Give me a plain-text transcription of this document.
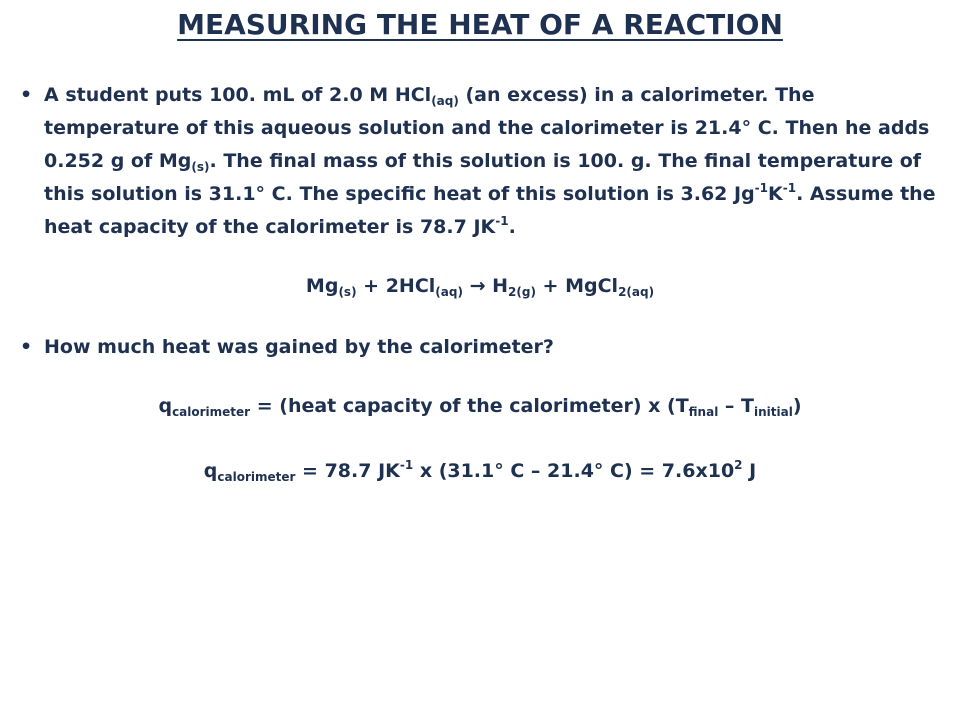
MEASURING THE HEAT OF A REACTION
• A student puts 100. mL of 2.0 M HCl$_{(aq)}$ (an excess) in a calorimeter. The temperature of this aqueous solution and the calorimeter is 21.4° C. Then he adds 0.252 g of $Mg_{(s)}$. The final mass of this solution is 100. g. The final temperature of this solution is 31.1° C. The specific heat of this solution is 3.62 $Jg^{-1}K^{-1}$. Assume the heat capacity of the calorimeter is 78.7 $JK^{-1}$.
$Mg_{(s)} + 2HCl_{(aq)} \to H_{2(g)}$ + MgCl$_{2(aq)}$
• How much heat was gained by the calorimeter?
$q_{calorimeter}$ = (heat capacity of the calorimeter) x $(T_{final} - T_{initial})$
$q_{calorimeter} = 78.7$ $JK^{-1}$ x (31.1° C – 21.4° $C) = 7.6x10^2$ J
